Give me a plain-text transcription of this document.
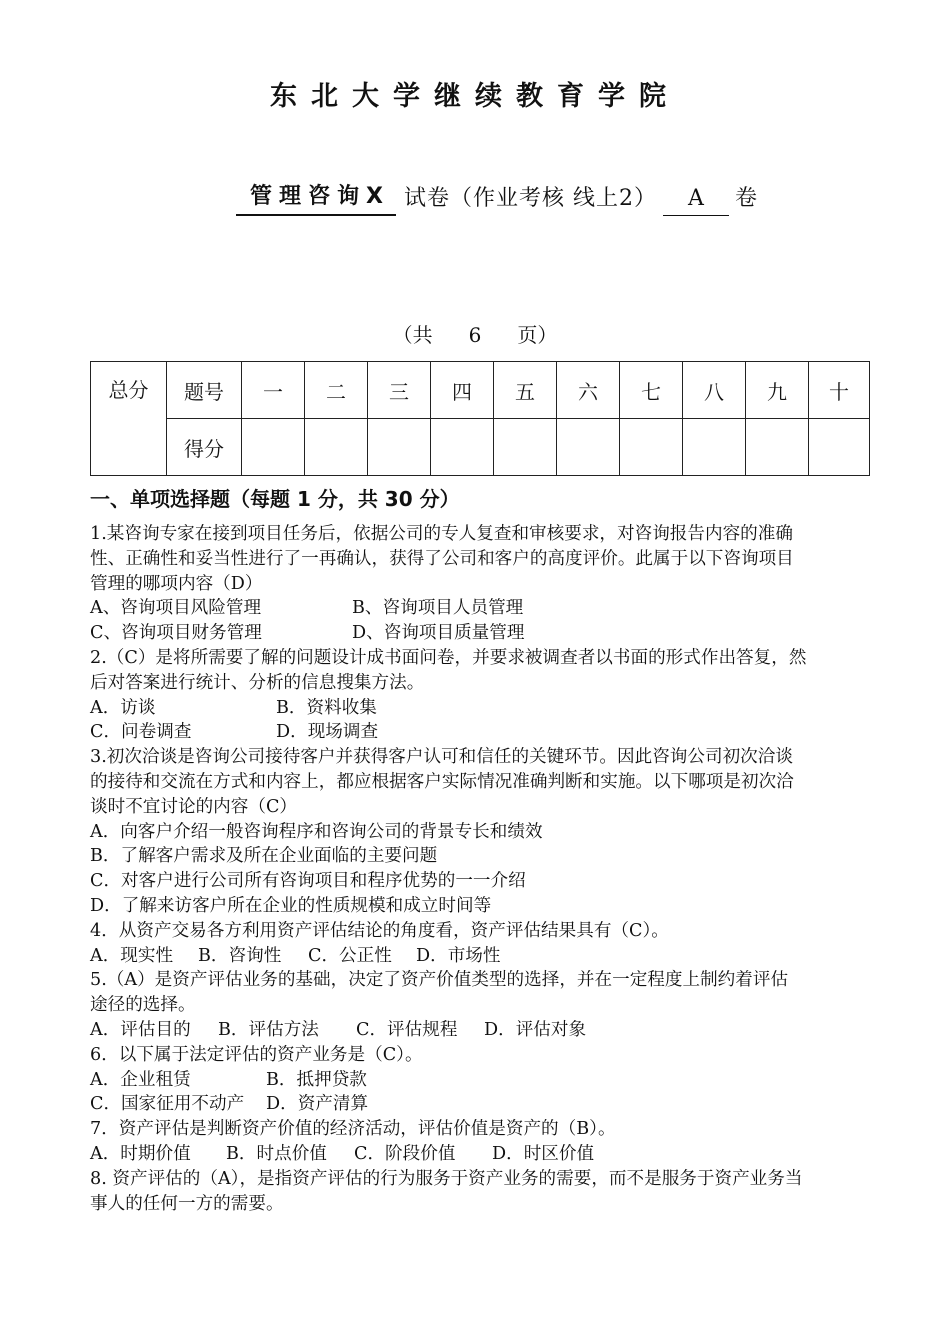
东北大学继续教育学院
管理咨询X 试卷（作业考核 线上2）	A	卷
（共 6 页）
总分	题号	一	二	三	四	五	六	七	八	九	十
	得分										
一、单项选择题（每题 1 分，共 30 分）
1.某咨询专家在接到项目任务后，依据公司的专人复查和审核要求，对咨询报告内容的准确
性、正确性和妥当性进行了一再确认，获得了公司和客户的高度评价。此属于以下咨询项目
管理的哪项内容（D）
A、咨询项目风险管理	B、咨询项目人员管理
C、咨询项目财务管理	D、咨询项目质量管理
2.（C）是将所需要了解的问题设计成书面问卷，并要求被调查者以书面的形式作出答复，然
后对答案进行统计、分析的信息搜集方法。
A．访谈	B．资料收集
C．问卷调查	D．现场调查
3.初次洽谈是咨询公司接待客户并获得客户认可和信任的关键环节。因此咨询公司初次洽谈
的接待和交流在方式和内容上，都应根据客户实际情况准确判断和实施。以下哪项是初次洽
谈时不宜讨论的内容（C）
A．向客户介绍一般咨询程序和咨询公司的背景专长和绩效
B．了解客户需求及所在企业面临的主要问题
C．对客户进行公司所有咨询项目和程序优势的一一介绍
D．了解来访客户所在企业的性质规模和成立时间等
4．从资产交易各方利用资产评估结论的角度看，资产评估结果具有（C）。
A．现实性 B．咨询性 C．公正性 D．市场性
5.（A）是资产评估业务的基础，决定了资产价值类型的选择，并在一定程度上制约着评估
途径的选择。
A．评估目的 B．评估方法 C．评估规程 D．评估对象
6．以下属于法定评估的资产业务是（C）。
A．企业租赁	B．抵押贷款
C．国家征用不动产 D．资产清算
7．资产评估是判断资产价值的经济活动，评估价值是资产的（B）。
A．时期价值 B．时点价值 C．阶段价值 D．时区价值
8. 资产评估的（A），是指资产评估的行为服务于资产业务的需要，而不是服务于资产业务当
事人的任何一方的需要。
